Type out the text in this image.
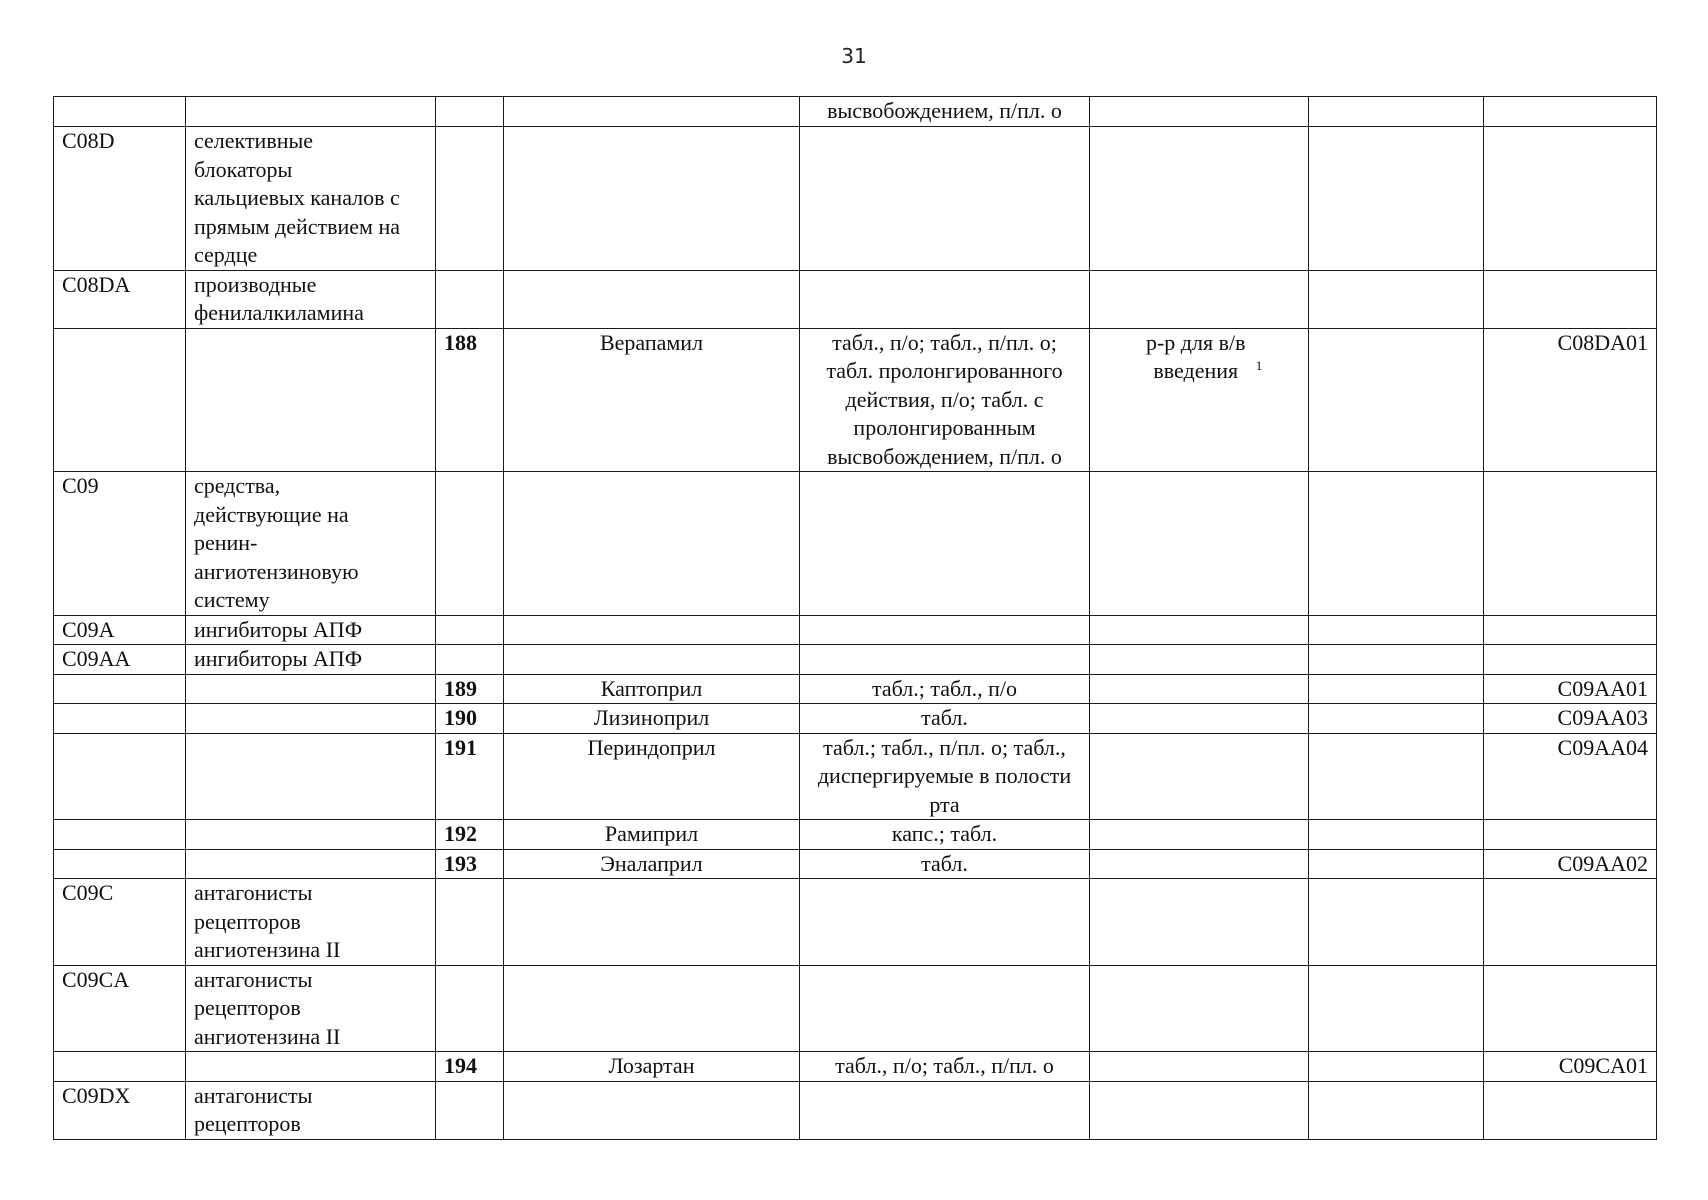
31
				высвобождением, п/пл. о			
C08D	селективные блокаторы кальциевых каналов с прямым действием на сердце						
C08DA	производные фенилалкиламина						
		188	Верапамил	табл., п/о; табл., п/пл. о; табл. пролонгированного действия, п/о; табл. с пролонгированным высвобождением, п/пл. о	р-р для в/в введения $^1$		C08DA01
C09	средства, действующие на ренин-ангиотензиновую систему						
C09A	ингибиторы АПФ						
C09AA	ингибиторы АПФ						
		189	Каптоприл	табл.; табл., п/о			C09AA01
		190	Лизиноприл	табл.			C09AA03
		191	Периндоприл	табл.; табл., п/пл. о; табл., диспергируемые в полости рта			C09AA04
		192	Рамиприл	капс.; табл.			
		193	Эналаприл	табл.			C09AA02
C09C	антагонисты рецепторов ангиотензина II						
C09CA	антагонисты рецепторов ангиотензина II						
		194	Лозартан	табл., п/о; табл., п/пл. о			C09CA01
C09DX	антагонисты рецепторов						
